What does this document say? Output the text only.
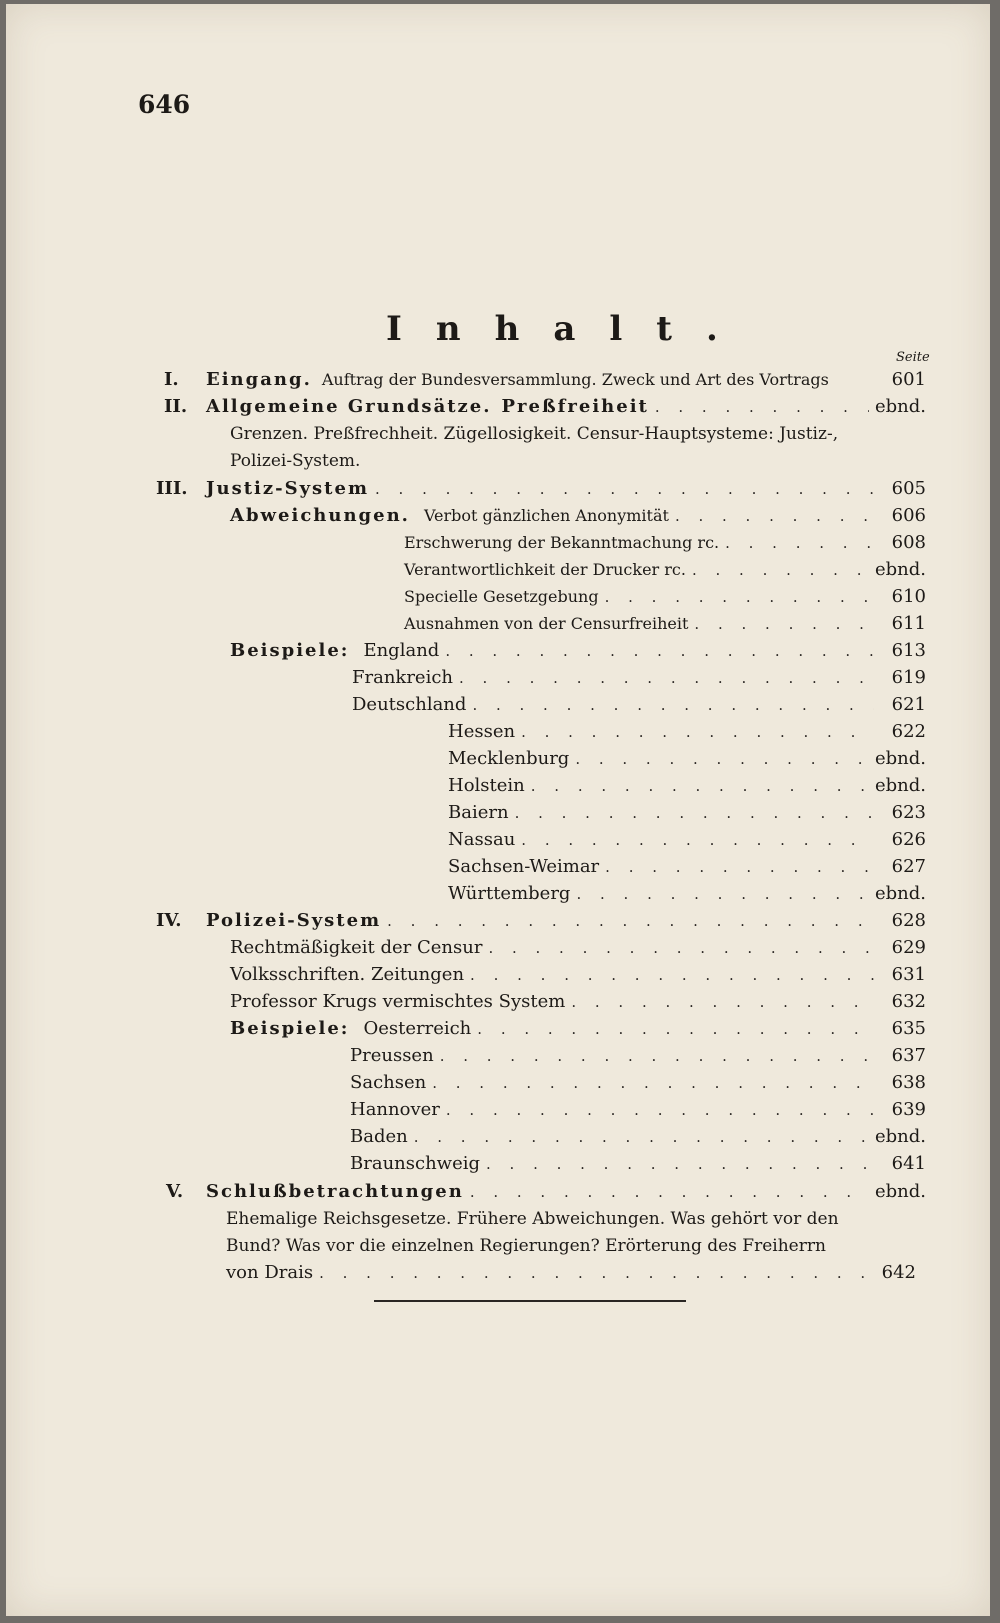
646
Inhalt.
Seite
I. Eingang. Auftrag der Bundesversammlung. Zweck und Art des Vortrags	601
II. Allgemeine Grundsätze. Preßfreiheit . . .	ebnd.
Grenzen. Preßfrechheit. Zügellosigkeit. Censur-Hauptsysteme: Justiz-,
Polizei-System.
III. Justiz-System . . .	605
Abweichungen. Verbot gänzlichen Anonymität . . .	606
Erschwerung der Bekanntmachung rc. . . .	608
Verantwortlichkeit der Drucker rc. . . .	ebnd.
Specielle Gesetzgebung . . .	610
Ausnahmen von der Censurfreiheit . . .	611
Beispiele: England . . .	613
Frankreich . . .	619
Deutschland . . .	621
Hessen . . .	622
Mecklenburg . . .	ebnd.
Holstein . . .	ebnd.
Baiern . . .	623
Nassau . . .	626
Sachsen-Weimar . . .	627
Württemberg . . .	ebnd.
IV. Polizei-System . . .	628
Rechtmäßigkeit der Censur . . .	629
Volksschriften. Zeitungen . . .	631
Professor Krugs vermischtes System . . .	632
Beispiele: Oesterreich . . .	635
Preussen . . .	637
Sachsen . . .	638
Hannover . . .	639
Baden . . .	ebnd.
Braunschweig . . .	641
V. Schlußbetrachtungen . . .	ebnd.
Ehemalige Reichsgesetze. Frühere Abweichungen. Was gehört vor den
Bund? Was vor die einzelnen Regierungen? Erörterung des Freiherrn
von Drais . . .	642
